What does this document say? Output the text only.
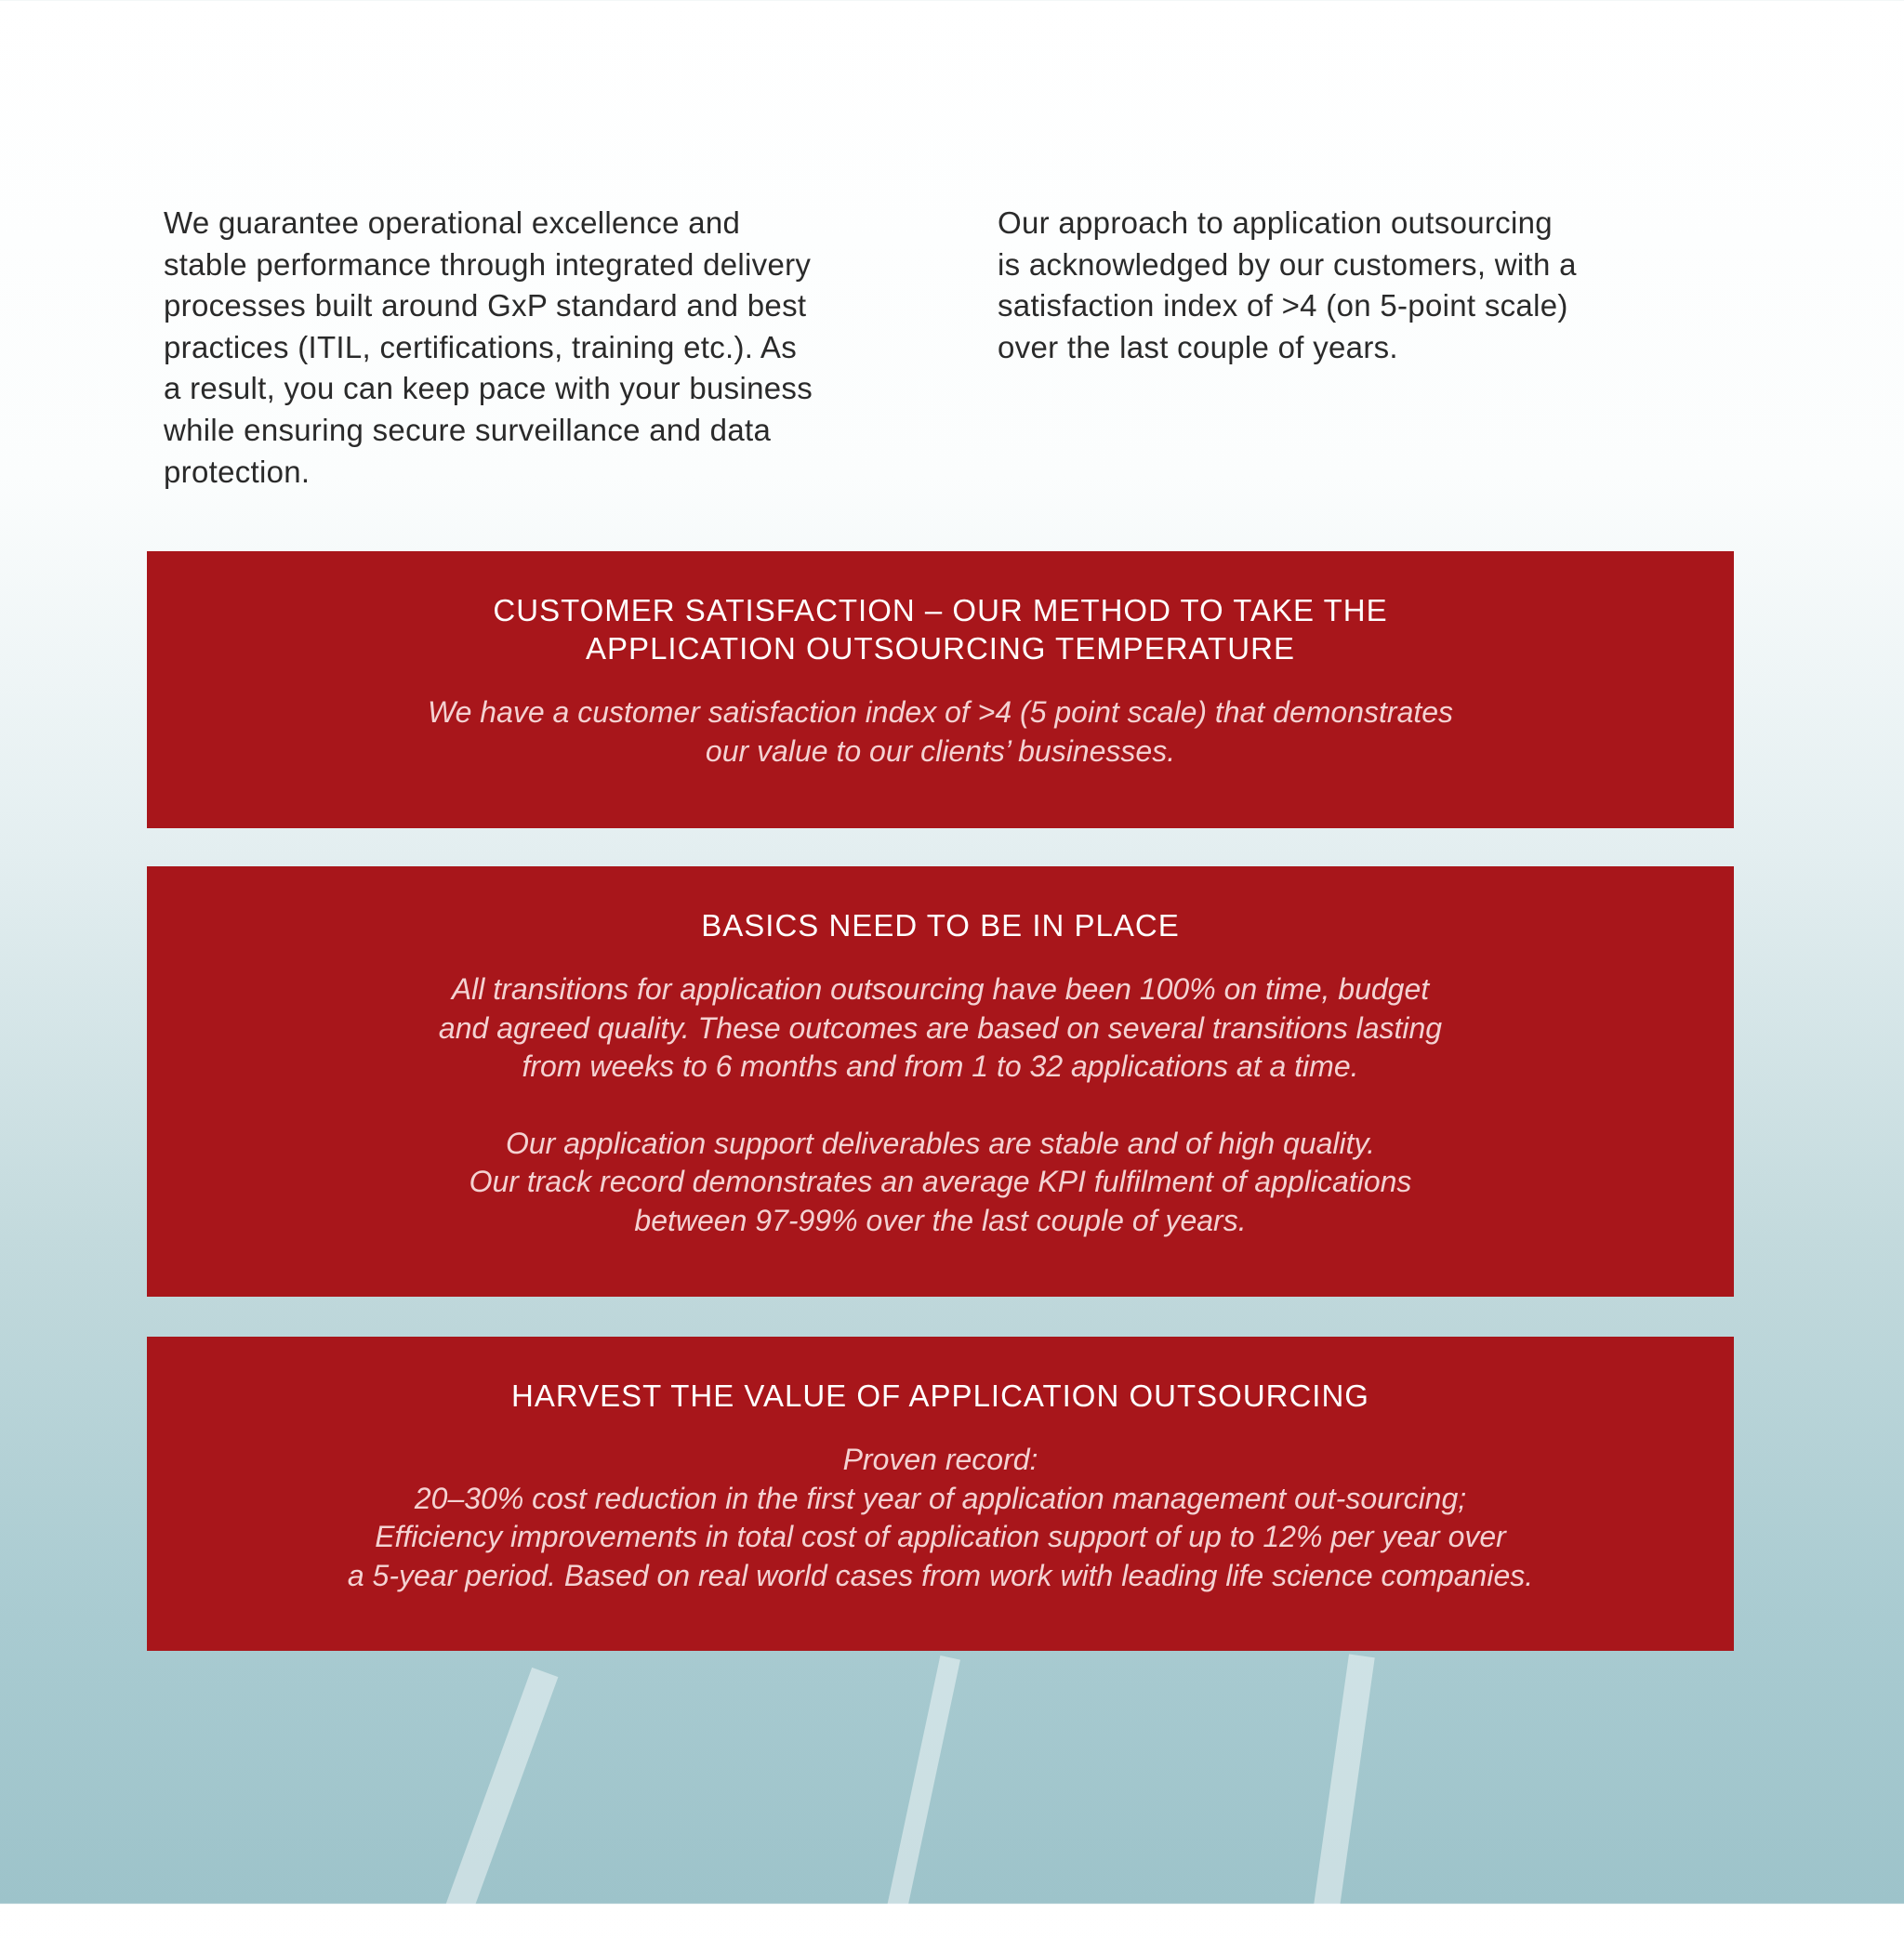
We guarantee operational excellence and
stable performance through integrated delivery
processes built around GxP standard and best
practices (ITIL, certifications, training etc.). As
a result, you can keep pace with your business
while ensuring secure surveillance and data
protection.
Our approach to application outsourcing
is acknowledged by our customers, with a
satisfaction index of >4 (on 5-point scale)
over the last couple of years.
CUSTOMER SATISFACTION – OUR METHOD TO TAKE THE
APPLICATION OUTSOURCING TEMPERATURE
We have a customer satisfaction index of >4 (5 point scale) that demonstrates
our value to our clients’ businesses.
BASICS NEED TO BE IN PLACE
All transitions for application outsourcing have been 100% on time, budget
and agreed quality. These outcomes are based on several transitions lasting
from weeks to 6 months and from 1 to 32 applications at a time.
Our application support deliverables are stable and of high quality.
Our track record demonstrates an average KPI fulfilment of applications
between 97-99% over the last couple of years.
HARVEST THE VALUE OF APPLICATION OUTSOURCING
Proven record:
20–30% cost reduction in the first year of application management out-sourcing;
Efficiency improvements in total cost of application support of up to 12% per year over
a 5-year period. Based on real world cases from work with leading life science companies.
